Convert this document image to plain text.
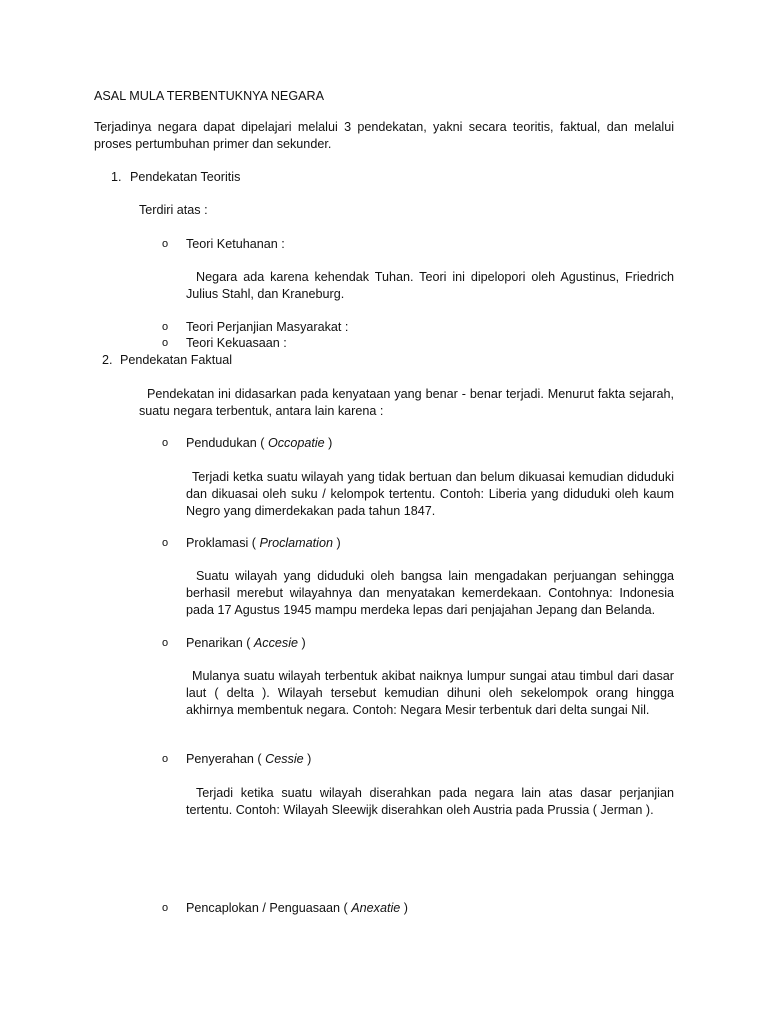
ASAL MULA TERBENTUKNYA NEGARA
Terjadinya negara dapat dipelajari melalui 3 pendekatan, yakni secara teoritis, faktual, dan melalui proses pertumbuhan primer dan sekunder.
1. Pendekatan Teoritis
Terdiri atas :
o Teori Ketuhanan :
Negara ada karena kehendak Tuhan. Teori ini dipelopori oleh Agustinus, Friedrich Julius Stahl, dan Kraneburg.
o Teori Perjanjian Masyarakat :
o Teori Kekuasaan :
2. Pendekatan Faktual
Pendekatan ini didasarkan pada kenyataan yang benar - benar terjadi. Menurut fakta sejarah, suatu negara terbentuk, antara lain karena :
o Pendudukan ( Occopatie )
Terjadi ketka suatu wilayah yang tidak bertuan dan belum dikuasai kemudian diduduki dan dikuasai oleh suku / kelompok tertentu. Contoh: Liberia yang diduduki oleh kaum Negro yang dimerdekakan pada tahun 1847.
o Proklamasi ( Proclamation )
Suatu wilayah yang diduduki oleh bangsa lain mengadakan perjuangan sehingga berhasil merebut wilayahnya dan menyatakan kemerdekaan. Contohnya: Indonesia pada 17 Agustus 1945 mampu merdeka lepas dari penjajahan Jepang dan Belanda.
o Penarikan ( Accesie )
Mulanya suatu wilayah terbentuk akibat naiknya lumpur sungai atau timbul dari dasar laut ( delta ). Wilayah tersebut kemudian dihuni oleh sekelompok orang hingga akhirnya membentuk negara. Contoh: Negara Mesir terbentuk dari delta sungai Nil.
o Penyerahan ( Cessie )
Terjadi ketika suatu wilayah diserahkan pada negara lain atas dasar perjanjian tertentu. Contoh: Wilayah Sleewijk diserahkan oleh Austria pada Prussia ( Jerman ).
o Pencaplokan / Penguasaan ( Anexatie )
